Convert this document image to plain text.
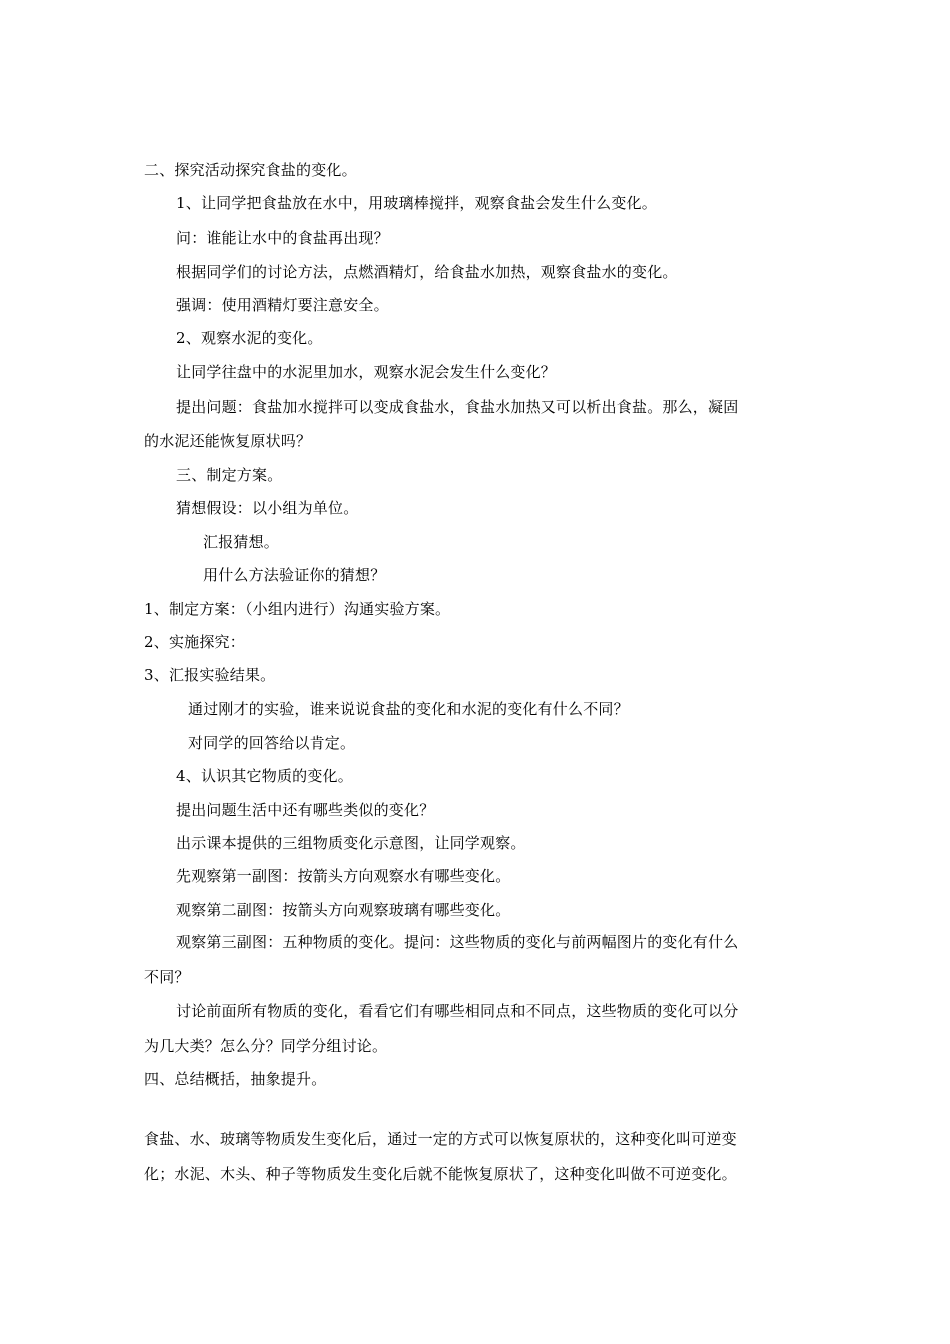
二、探究活动探究食盐的变化。
1、让同学把食盐放在水中，用玻璃棒搅拌，观察食盐会发生什么变化。
问：谁能让水中的食盐再出现？
根据同学们的讨论方法，点燃酒精灯，给食盐水加热，观察食盐水的变化。
强调：使用酒精灯要注意安全。
2、观察水泥的变化。
让同学往盘中的水泥里加水，观察水泥会发生什么变化？
提出问题：食盐加水搅拌可以变成食盐水，食盐水加热又可以析出食盐。那么，凝固
的水泥还能恢复原状吗？
三、制定方案。
猜想假设：以小组为单位。
汇报猜想。
用什么方法验证你的猜想？
1、制定方案：（小组内进行）沟通实验方案。
2、实施探究：
3、汇报实验结果。
通过刚才的实验，谁来说说食盐的变化和水泥的变化有什么不同？
对同学的回答给以肯定。
4、认识其它物质的变化。
提出问题生活中还有哪些类似的变化？
出示课本提供的三组物质变化示意图，让同学观察。
先观察第一副图：按箭头方向观察水有哪些变化。
观察第二副图：按箭头方向观察玻璃有哪些变化。
观察第三副图：五种物质的变化。提问：这些物质的变化与前两幅图片的变化有什么
不同？
讨论前面所有物质的变化，看看它们有哪些相同点和不同点，这些物质的变化可以分
为几大类？怎么分？同学分组讨论。
四、总结概括，抽象提升。
食盐、水、玻璃等物质发生变化后，通过一定的方式可以恢复原状的，这种变化叫可逆变
化；水泥、木头、种子等物质发生变化后就不能恢复原状了，这种变化叫做不可逆变化。
